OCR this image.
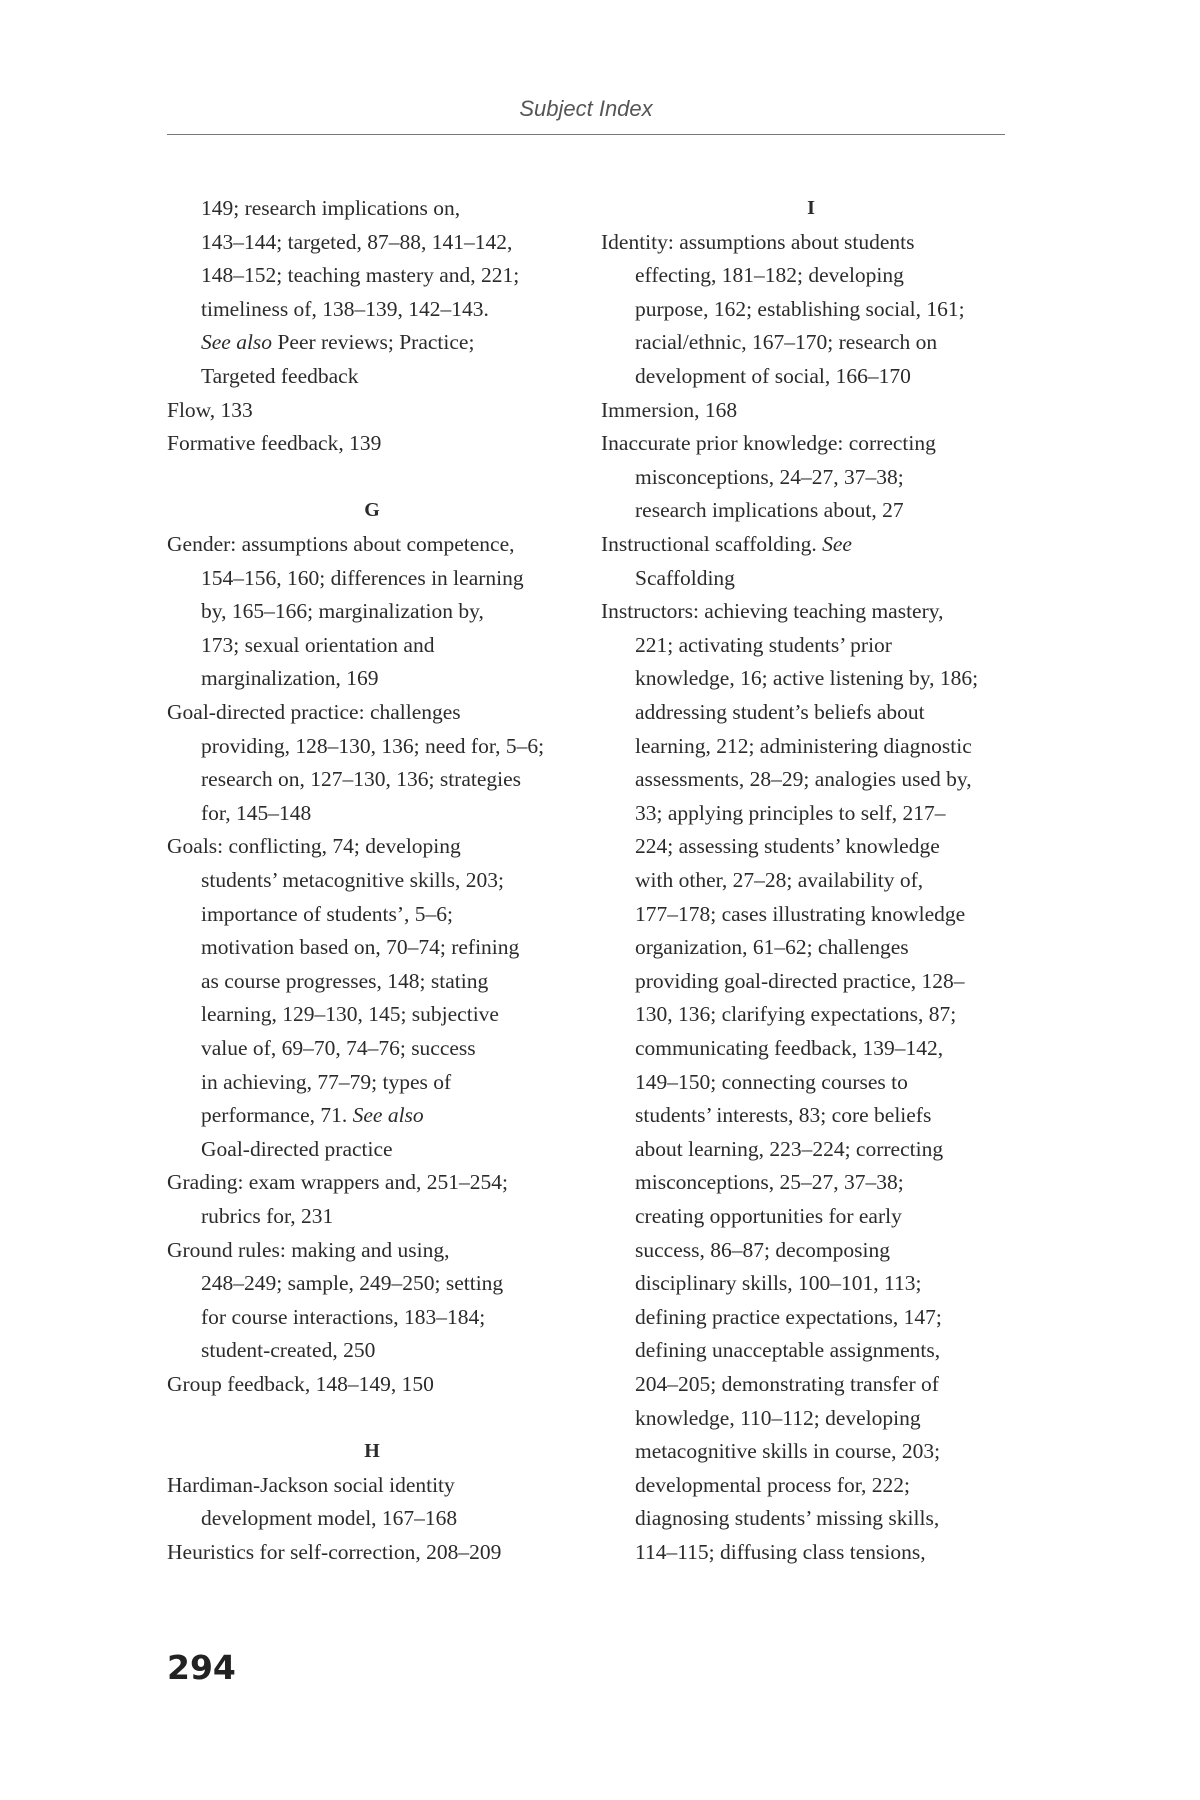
Subject Index
149; research implications on,
143–144; targeted, 87–88, 141–142,
148–152; teaching mastery and, 221;
timeliness of, 138–139, 142–143.
See also Peer reviews; Practice;
Targeted feedback
Flow, 133
Formative feedback, 139
G
Gender: assumptions about competence,
154–156, 160; differences in learning
by, 165–166; marginalization by,
173; sexual orientation and
marginalization, 169
Goal-directed practice: challenges
providing, 128–130, 136; need for, 5–6;
research on, 127–130, 136; strategies
for, 145–148
Goals: conflicting, 74; developing
students’ metacognitive skills, 203;
importance of students’, 5–6;
motivation based on, 70–74; refining
as course progresses, 148; stating
learning, 129–130, 145; subjective
value of, 69–70, 74–76; success
in achieving, 77–79; types of
performance, 71. See also
Goal-directed practice
Grading: exam wrappers and, 251–254;
rubrics for, 231
Ground rules: making and using,
248–249; sample, 249–250; setting
for course interactions, 183–184;
student-created, 250
Group feedback, 148–149, 150
H
Hardiman-Jackson social identity
development model, 167–168
Heuristics for self-correction, 208–209
I
Identity: assumptions about students
effecting, 181–182; developing
purpose, 162; establishing social, 161;
racial/ethnic, 167–170; research on
development of social, 166–170
Immersion, 168
Inaccurate prior knowledge: correcting
misconceptions, 24–27, 37–38;
research implications about, 27
Instructional scaffolding. See
Scaffolding
Instructors: achieving teaching mastery,
221; activating students’ prior
knowledge, 16; active listening by, 186;
addressing student’s beliefs about
learning, 212; administering diagnostic
assessments, 28–29; analogies used by,
33; applying principles to self, 217–
224; assessing students’ knowledge
with other, 27–28; availability of,
177–178; cases illustrating knowledge
organization, 61–62; challenges
providing goal-directed practice, 128–
130, 136; clarifying expectations, 87;
communicating feedback, 139–142,
149–150; connecting courses to
students’ interests, 83; core beliefs
about learning, 223–224; correcting
misconceptions, 25–27, 37–38;
creating opportunities for early
success, 86–87; decomposing
disciplinary skills, 100–101, 113;
defining practice expectations, 147;
defining unacceptable assignments,
204–205; demonstrating transfer of
knowledge, 110–112; developing
metacognitive skills in course, 203;
developmental process for, 222;
diagnosing students’ missing skills,
114–115; diffusing class tensions,
294
